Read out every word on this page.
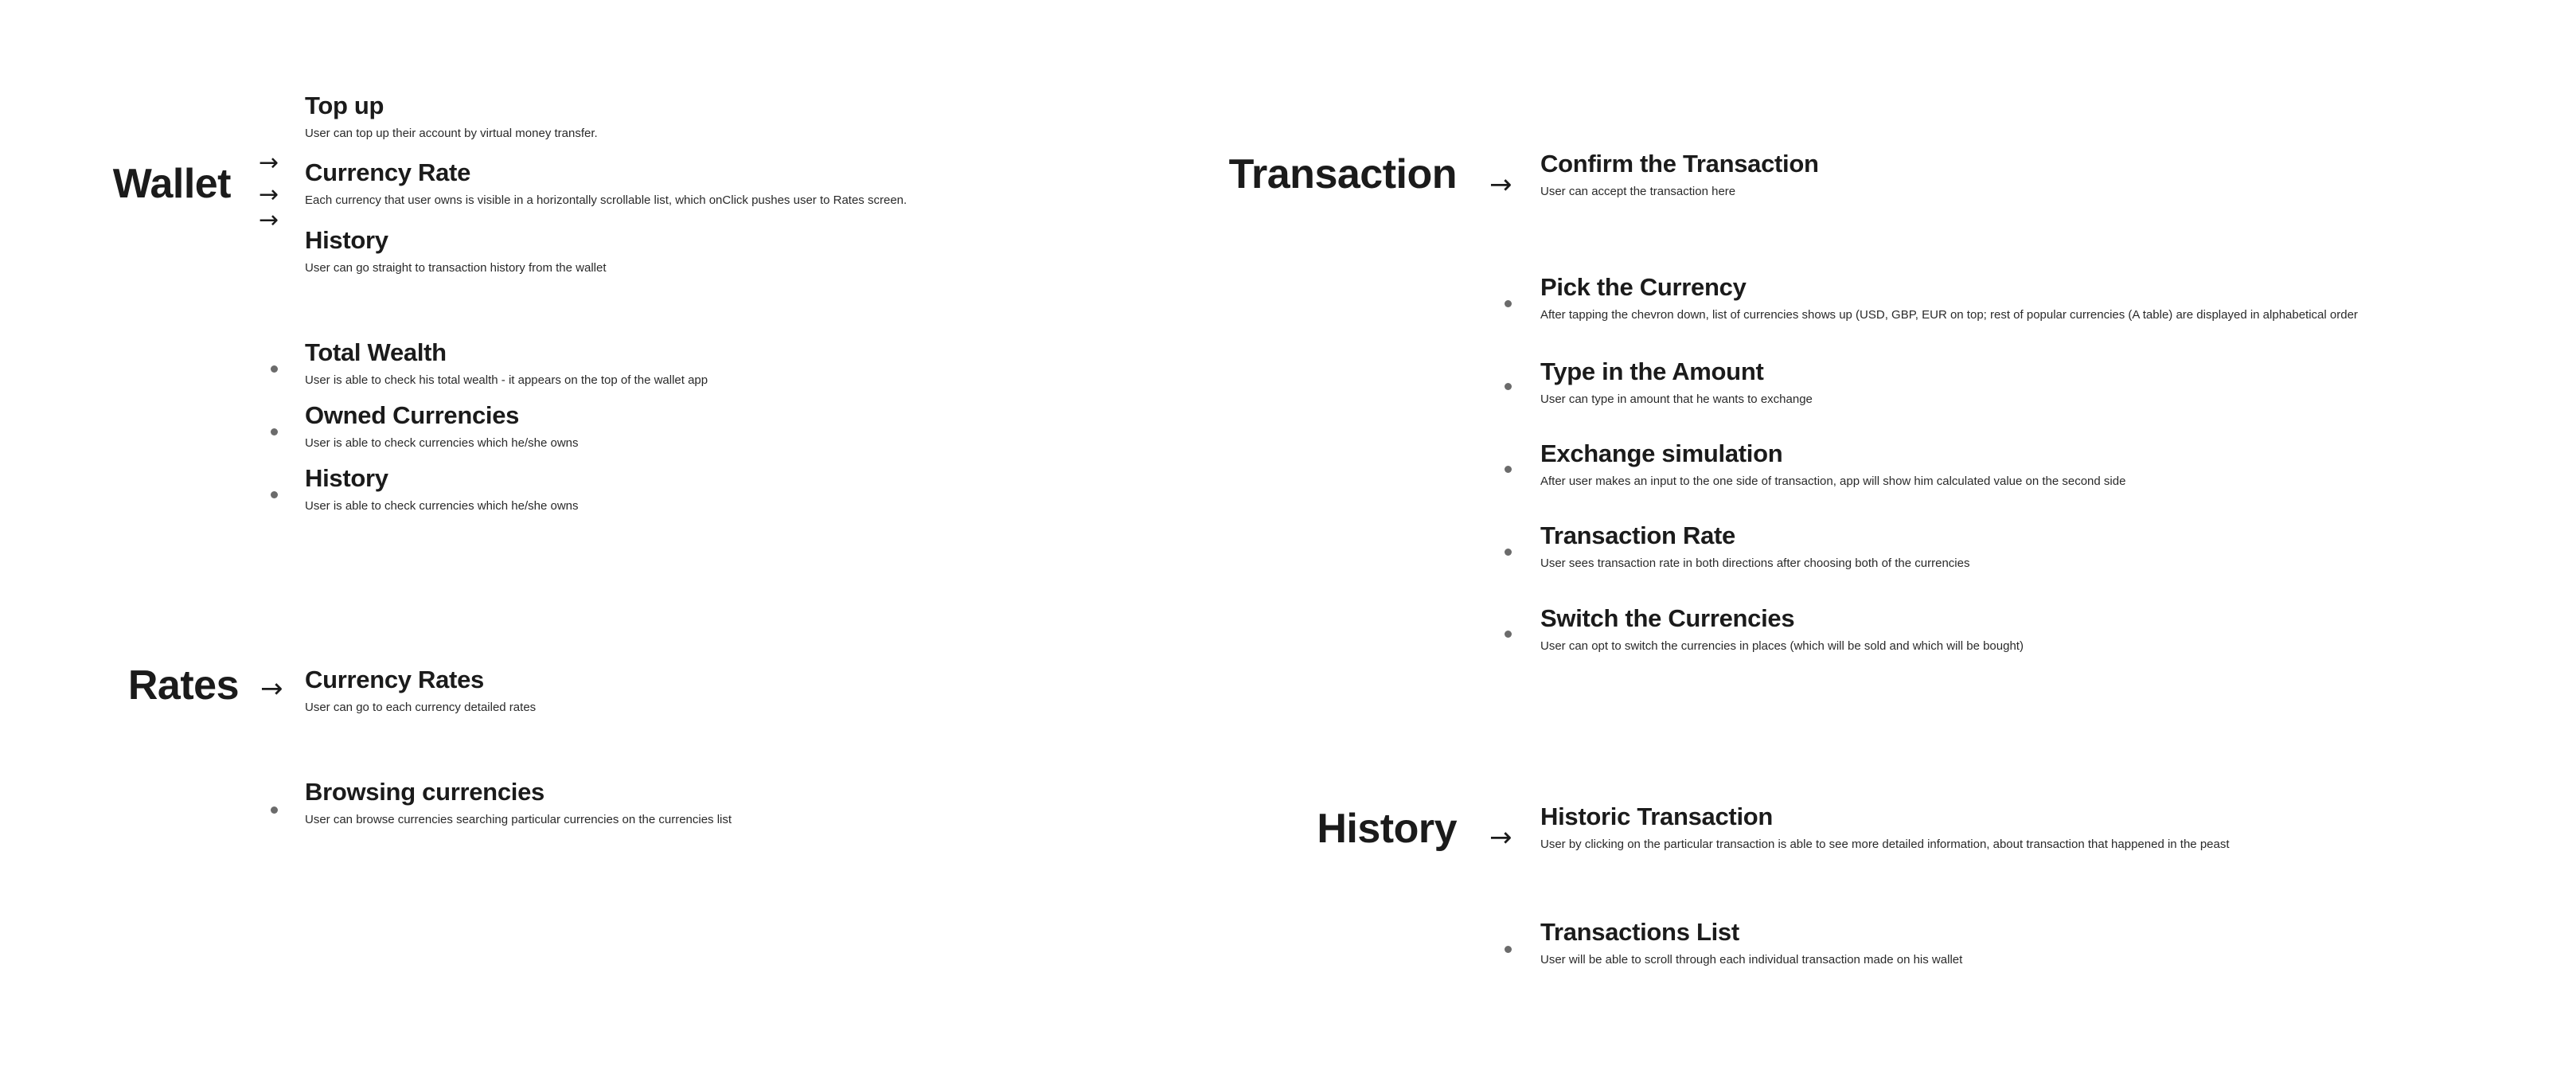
Wallet →
→
→
Top up
User can top up their account by virtual money transfer.
Currency Rate
Each currency that user owns is visible in a horizontally scrollable list, which onClick pushes user to Rates screen.
History
User can go straight to transaction history from the wallet
Total Wealth
User is able to check his total wealth - it appears on the top of the wallet app
Owned Currencies
User is able to check currencies which he/she owns
History
User is able to check currencies which he/she owns
Rates → Currency Rates
User can go to each currency detailed rates
Browsing currencies
User can browse currencies searching particular currencies on the currencies list
Transaction →
Confirm the Transaction
User can accept the transaction here
Pick the Currency
After tapping the chevron down, list of currencies shows up (USD, GBP, EUR on top; rest of popular currencies (A table) are displayed in alphabetical order
Type in the Amount
User can type in amount that he wants to exchange
Exchange simulation
After user makes an input to the one side of transaction, app will show him calculated value on the second side
Transaction Rate
User sees transaction rate in both directions after choosing both of the currencies
Switch the Currencies
User can opt to switch the currencies in places (which will be sold and which will be bought)
History →
Historic Transaction
User by clicking on the particular transaction is able to see more detailed information, about transaction that happened in the peast
Transactions List
User will be able to scroll through each individual transaction made on his wallet
